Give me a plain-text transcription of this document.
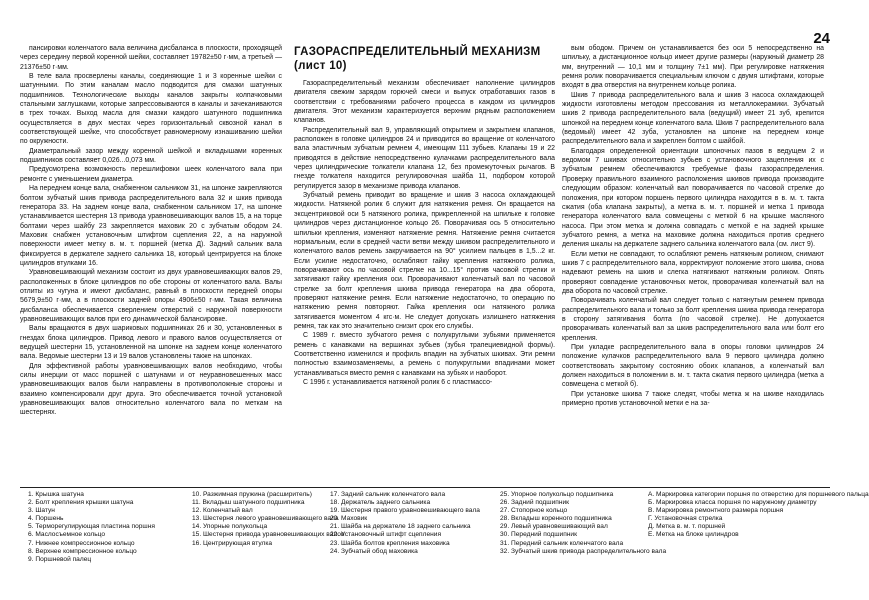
24

пансировки коленчатого вала величина дисбаланса в плоскости, проходящей через середину первой коренной шейки, составляет 19782±50 г·мм, а третьей — 21376±50 г·мм.

В теле вала просверлены каналы, соединяющие 1 и 3 коренные шейки с шатунными. По этим каналам масло подводится для смазки шатунных подшипников. Технологические выходы каналов закрыты колпачковыми стальными заглушками, которые запрессовываются в каналы и зачеканиваются в трех точках. Выход масла для смазки каждого шатунного подшипника осуществляется в двух местах через горизонтальный сквозной канал в соответствующей шейке, что способствует равномерному изнашиванию шейки по окружности.

Диаметральный зазор между коренной шейкой и вкладышами коренных подшипников составляет 0,026...0,073 мм.

Предусмотрена возможность перешлифовки шеек коленчатого вала при ремонте с уменьшением диаметра.

На переднем конце вала, снабженном сальником 31, на шпонке закрепляются болтом зубчатый шкив привода распределительного вала 32 и шкив привода генератора 33. На заднем конце вала, снабженном сальником 17, на шпонке устанавливается шестерня 13 привода уравновешивающих валов 15, а на торце болтами через шайбу 23 закрепляется маховик 20 с зубчатым ободом 24. Маховик снабжен установочным штифтом сцепления 22, а на наружной поверхности имеет метку в. м. т. поршней (метка Д). Задний сальник вала фиксируется в держателе заднего сальника 18, который центрируется на блоке цилиндров втулками 16.

Уравновешивающий механизм состоит из двух уравновешивающих валов 29, расположенных в блоке цилиндров по обе стороны от коленчатого вала. Валы отлиты из чугуна и имеют дисбаланс, равный в плоскости передней опоры 5679,9±50 г·мм, а в плоскости задней опоры 4906±50 г·мм. Такая величина дисбаланса обеспечивается сверлением отверстий с наружной поверхности уравновешивающих валов при его динамической балансировке.

Валы вращаются в двух шариковых подшипниках 26 и 30, установленных в гнездах блока цилиндров. Привод левого и правого валов осуществляется от ведущей шестерни 15, установленной на шпонке на заднем конце коленчатого вала. Ведомые шестерни 13 и 19 валов установлены также на шпонках.

Для эффективной работы уравновешивающих валов необходимо, чтобы силы инерции от масс поршней с шатунами и от неуравновешенных масс уравновешивающих валов были направлены в противоположные стороны и взаимно компенсировали друг друга. Это обеспечивается точной установкой уравновешивающих валов относительно коленчатого вала по меткам на шестернях.

ГАЗОРАСПРЕДЕЛИТЕЛЬНЫЙ МЕХАНИЗМ (лист 10)

Газораспределительный механизм обеспечивает наполнение цилиндров двигателя свежим зарядом горючей смеси и выпуск отработавших газов в соответствии с требованиями рабочего процесса в каждом из цилиндров двигателя. Этот механизм характеризуется верхним рядным расположением клапанов.

Распределительный вал 9, управляющий открытием и закрытием клапанов, расположен в головке цилиндров 24 и приводится во вращение от коленчатого вала эластичным зубчатым ремнем 4, имеющим 111 зубьев. Клапаны 19 и 22 приводятся в действие непосредственно кулачками распределительного вала через цилиндрические толкатели клапана 12, без промежуточных рычагов. В гнезде толкателя находится регулировочная шайба 11, подбором которой регулируется зазор в механизме привода клапанов.

Зубчатый ремень приводит во вращение и шкив 3 насоса охлаждающей жидкости. Натяжной ролик 6 служит для натяжения ремня. Он вращается на эксцентриковой оси 5 натяжного ролика, прикрепленной на шпильке к головке цилиндров через дистанционное кольцо 26. Поворачивая ось 5 относительно шпильки крепления, изменяют натяжение ремня. Натяжение ремня считается нормальным, если в средней части ветви между шкивом распределительного и коленчатого валов ремень закручивается на 90° усилием пальцев в 1,5...2 кг. Если усилие недостаточно, ослабляют гайку крепления натяжного ролика, поворачивают ось по часовой стрелке на 10...15° против часовой стрелки и затягивают гайку крепления оси. Проворачивают коленчатый вал по часовой стрелке за болт крепления шкива привода генератора на два оборота, проверяют натяжение ремня. Если натяжение недостаточно, то операцию по натяжению ремня повторяют. Гайка крепления оси натяжного ролика затягивается моментом 4 кгс·м. Не следует допускать излишнего натяжения ремня, так как это значительно снизит срок его службы.

С 1989 г. вместо зубчатого ремня с полукруглыми зубьями применяется ремень с канавками на вершинах зубьев (зубья трапециевидной формы). Соответственно изменился и профиль впадин на зубчатых шкивах. Эти ремни полностью взаимозаменяемы, а ремень с полукруглыми впадинами может устанавливаться вместо ремня с канавками на зубьях и наоборот.

С 1996 г. устанавливается натяжной ролик 6 с пластмассо-

вым ободом. Причем он устанавливается без оси 5 непосредственно на шпильку, а дистанционное кольцо имеет другие размеры (наружный диаметр 28 мм, внутренний — 10,1 мм и толщину 7±1 мм). При регулировке натяжения ремня ролик поворачивается специальным ключом с двумя штифтами, которые входят в два отверстия на внутреннем кольце ролика.

Шкив 7 привода распределительного вала и шкив 3 насоса охлаждающей жидкости изготовлены методом прессования из металлокерамики. Зубчатый шкив 2 привода распределительного вала (ведущий) имеет 21 зуб, крепится шпонкой на переднем конце коленчатого вала. Шкив 7 распределительного вала (ведомый) имеет 42 зуба, установлен на шпонке на переднем конце распределительного вала и закреплен болтом с шайбой.

Благодаря определенной ориентации шпоночных пазов в ведущем 2 и ведомом 7 шкивах относительно зубьев с установочного зацепления их с зубчатым ремнем обеспечиваются требуемые фазы газораспределения. Проверку правильного взаимного расположения шкивов привода производите следующим образом: коленчатый вал поворачивается по часовой стрелке до положения, при котором поршень первого цилиндра находится в в. м. т. такта сжатия (оба клапана закрыты), а метка в. м. т. поршней и метка 1 привода генератора коленчатого вала совмещены с меткой 6 на крышке масляного насоса. При этом метка ж должна совпадать с меткой е на задней крышке зубчатого ремня, а метка на маховике должна находиться против среднего деления шкалы на держателе заднего сальника коленчатого вала (см. лист 9).

Если метки не совпадают, то ослабляют ремень натяжным роликом, снимают шкив 7 с распределительного вала, корректируют положение этого шкива, снова надевают ремень на шкив и слегка натягивают натяжным роликом. Опять проверяют совпадение установочных меток, проворачивая коленчатый вал на два оборота по часовой стрелке.

Поворачивать коленчатый вал следует только с натянутым ремнем привода распределительного вала и только за болт крепления шкива привода генератора в сторону затягивания болта (по часовой стрелке). Не допускается проворачивать коленчатый вал за шкив распределительного вала или болт его крепления.

При укладке распределительного вала в опоры головки цилиндров 24 положение кулачков распределительного вала 9 первого цилиндра должно соответствовать закрытому состоянию обоих клапанов, а коленчатый вал должен находиться в положении в. м. т. такта сжатия первого цилиндра (метка а совмещена с меткой б).

При установке шкива 7 также следят, чтобы метка ж на шкиве находилась примерно против установочной метки е на за-

1. Крышка шатуна
2. Болт крепления крышки шатуна
3. Шатун
4. Поршень
5. Терморегулирующая пластина поршня
6. Маслосъемное кольцо
7. Нижнее компрессионное кольцо
8. Верхнее компрессионное кольцо
9. Поршневой палец
10. Разжимная пружина (расширитель)
11. Вкладыш шатунного подшипника
12. Коленчатый вал
13. Шестерня левого уравновешивающего вала
14. Упорные полукольца
15. Шестерня привода уравновешивающих валов
16. Центрирующая втулка
17. Задний сальник коленчатого вала
18. Держатель заднего сальника
19. Шестерня правого уравновешивающего вала
20. Маховик
21. Шайба на держателе 18 заднего сальника
22. Установочный штифт сцепления
23. Шайба болтов крепления маховика
24. Зубчатый обод маховика
25. Упорное полукольцо подшипника
26. Задний подшипник
27. Стопорное кольцо
28. Вкладыш коренного подшипника
29. Левый уравновешивающий вал
30. Передний подшипник
31. Передний сальник коленчатого вала
32. Зубчатый шкив привода распределительного вала
А. Маркировка категории поршня по отверстию для поршневого пальца
Б. Маркировка класса поршня по наружному диаметру
В. Маркировка ремонтного размера поршня
Г. Установочная стрелка
Д. Метка в. м. т. поршней
Е. Метка на блоке цилиндров
